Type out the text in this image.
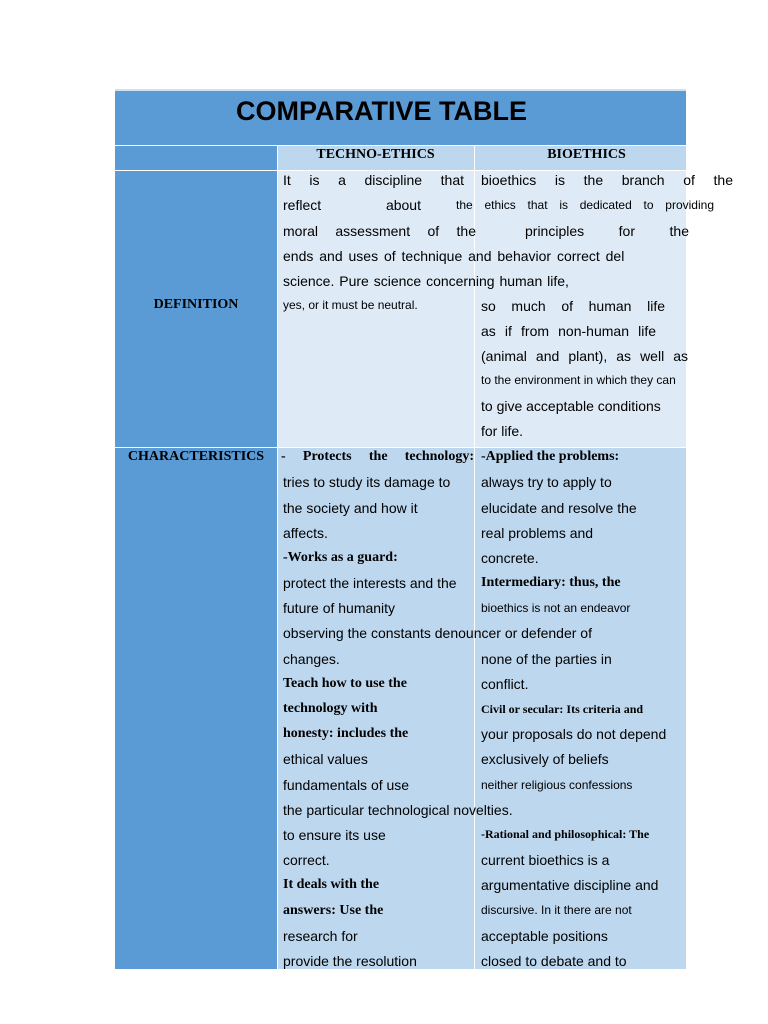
COMPARATIVE TABLE
TECHNO-ETHICS	BIOETHICS
DEFINITION
CHARACTERISTICS
It is a discipline that
reflect about
moral assessment of the
ends and uses of technique and behavior correct del
science. Pure science concerning human life,
yes, or it must be neutral.
bioethics is the branch of the
the ethics that is dedicated to providing
principles for the
so much of human life
as if from non-human life
(animal and plant), as well as
to the environment in which they can
to give acceptable conditions
for life.
- Protects the technology:
tries to study its damage to
the society and how it
affects.
-Works as a guard:
protect the interests and the
future of humanity
observing the constants denouncer or defender of
changes.
Teach how to use the
technology with
honesty: includes the
ethical values
fundamentals of use
the particular technological novelties.
to ensure its use
correct.
It deals with the
answers: Use the
research for
provide the resolution
-Applied the problems:
always try to apply to
elucidate and resolve the
real problems and
concrete.
Intermediary: thus, the
bioethics is not an endeavor
none of the parties in
conflict.
Civil or secular: Its criteria and
your proposals do not depend
exclusively of beliefs
neither religious confessions
-Rational and philosophical: The
current bioethics is a
argumentative discipline and
discursive. In it there are not
acceptable positions
closed to debate and to
